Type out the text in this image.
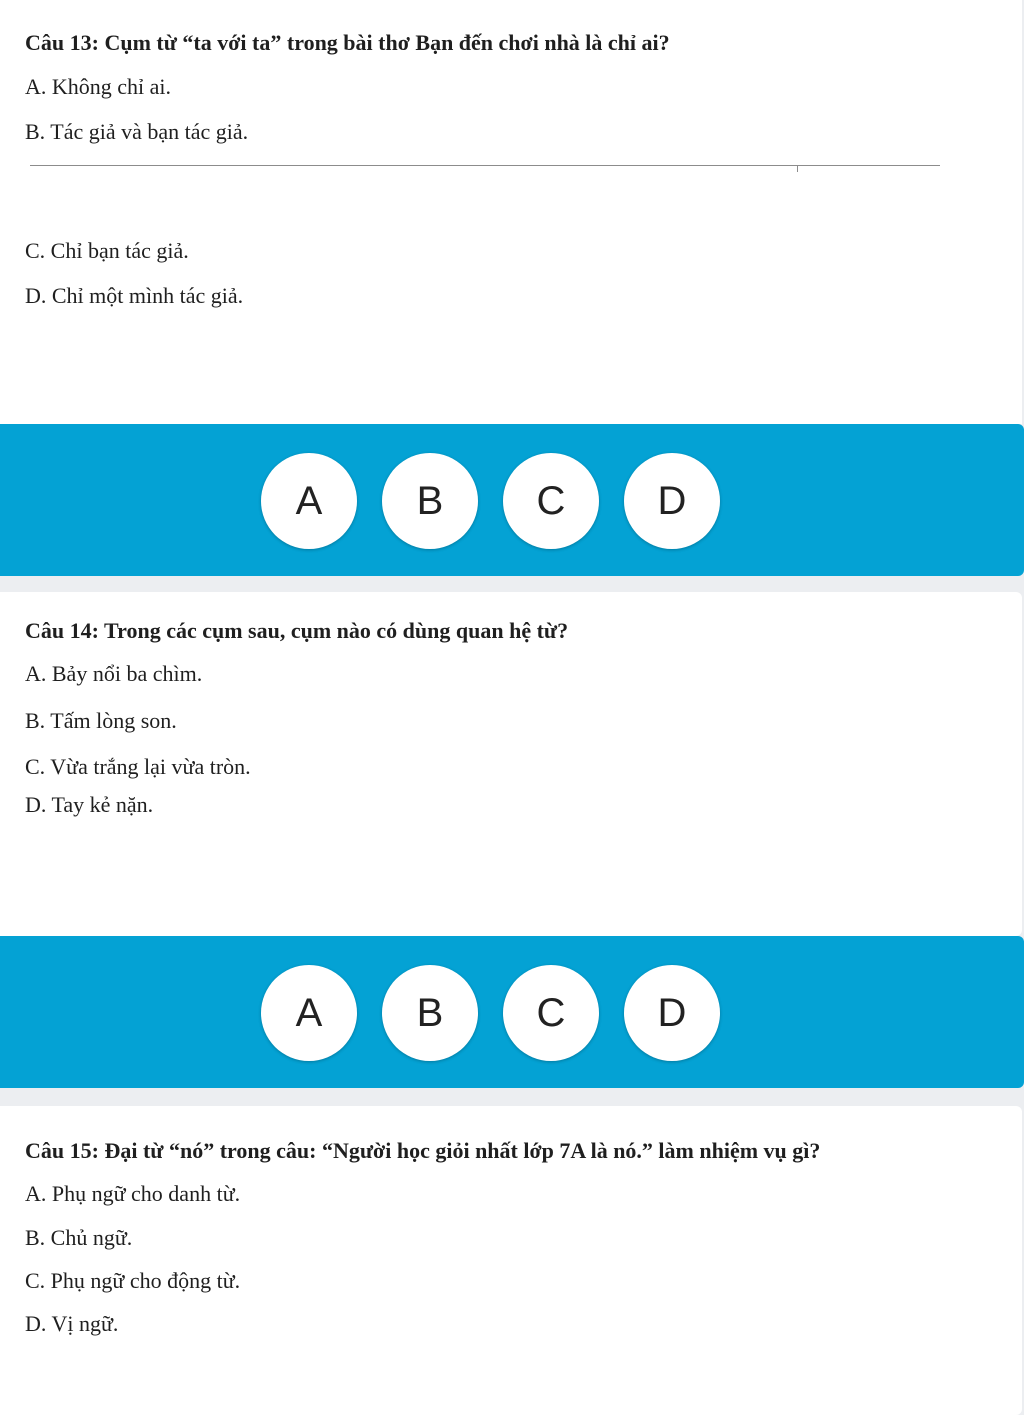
Câu 13: Cụm từ “ta với ta” trong bài thơ Bạn đến chơi nhà là chỉ ai?

A. Không chỉ ai.

B. Tác giả và bạn tác giả.

C. Chỉ bạn tác giả.

D. Chỉ một mình tác giả.

A	B	C	D

Câu 14: Trong các cụm sau, cụm nào có dùng quan hệ từ?

A. Bảy nổi ba chìm.

B. Tấm lòng son.

C. Vừa trắng lại vừa tròn.

D. Tay kẻ nặn.

A	B	C	D

Câu 15: Đại từ “nó” trong câu: “Người học giỏi nhất lớp 7A là nó.” làm nhiệm vụ gì?

A. Phụ ngữ cho danh từ.

B. Chủ ngữ.

C. Phụ ngữ cho động từ.

D. Vị ngữ.
